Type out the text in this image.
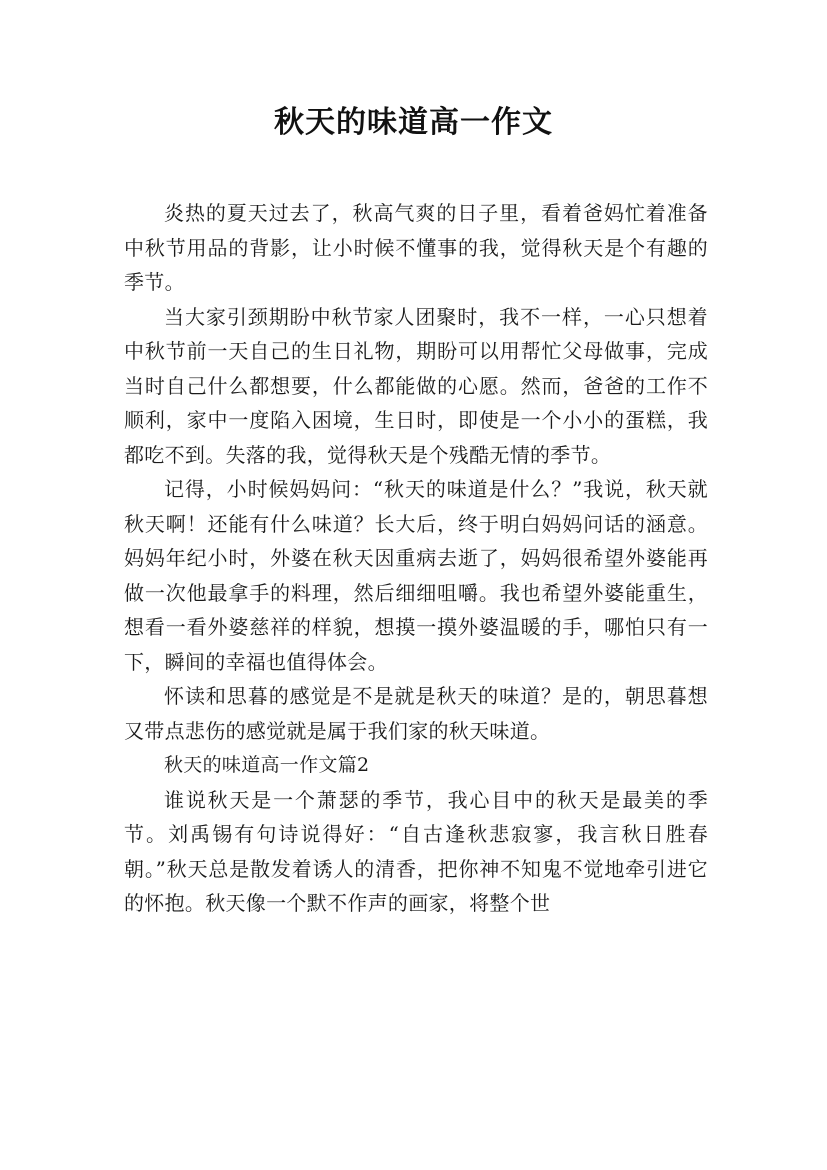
秋天的味道高一作文

炎热的夏天过去了，秋高气爽的日子里，看着爸妈忙着准备中秋节用品的背影，让小时候不懂事的我，觉得秋天是个有趣的季节。

当大家引颈期盼中秋节家人团聚时，我不一样，一心只想着中秋节前一天自己的生日礼物，期盼可以用帮忙父母做事，完成当时自己什么都想要，什么都能做的心愿。然而，爸爸的工作不顺利，家中一度陷入困境，生日时，即使是一个小小的蛋糕，我都吃不到。失落的我，觉得秋天是个残酷无情的季节。

记得，小时候妈妈问：“秋天的味道是什么？”我说，秋天就秋天啊！还能有什么味道？长大后，终于明白妈妈问话的涵意。妈妈年纪小时，外婆在秋天因重病去逝了，妈妈很希望外婆能再做一次他最拿手的料理，然后细细咀嚼。我也希望外婆能重生，想看一看外婆慈祥的样貌，想摸一摸外婆温暖的手，哪怕只有一下，瞬间的幸福也值得体会。

怀读和思暮的感觉是不是就是秋天的味道？是的，朝思暮想又带点悲伤的感觉就是属于我们家的秋天味道。

秋天的味道高一作文篇2

谁说秋天是一个萧瑟的季节，我心目中的秋天是最美的季节。刘禹锡有句诗说得好：“自古逢秋悲寂寥，我言秋日胜春朝。”秋天总是散发着诱人的清香，把你神不知鬼不觉地牵引进它的怀抱。秋天像一个默不作声的画家，将整个世
